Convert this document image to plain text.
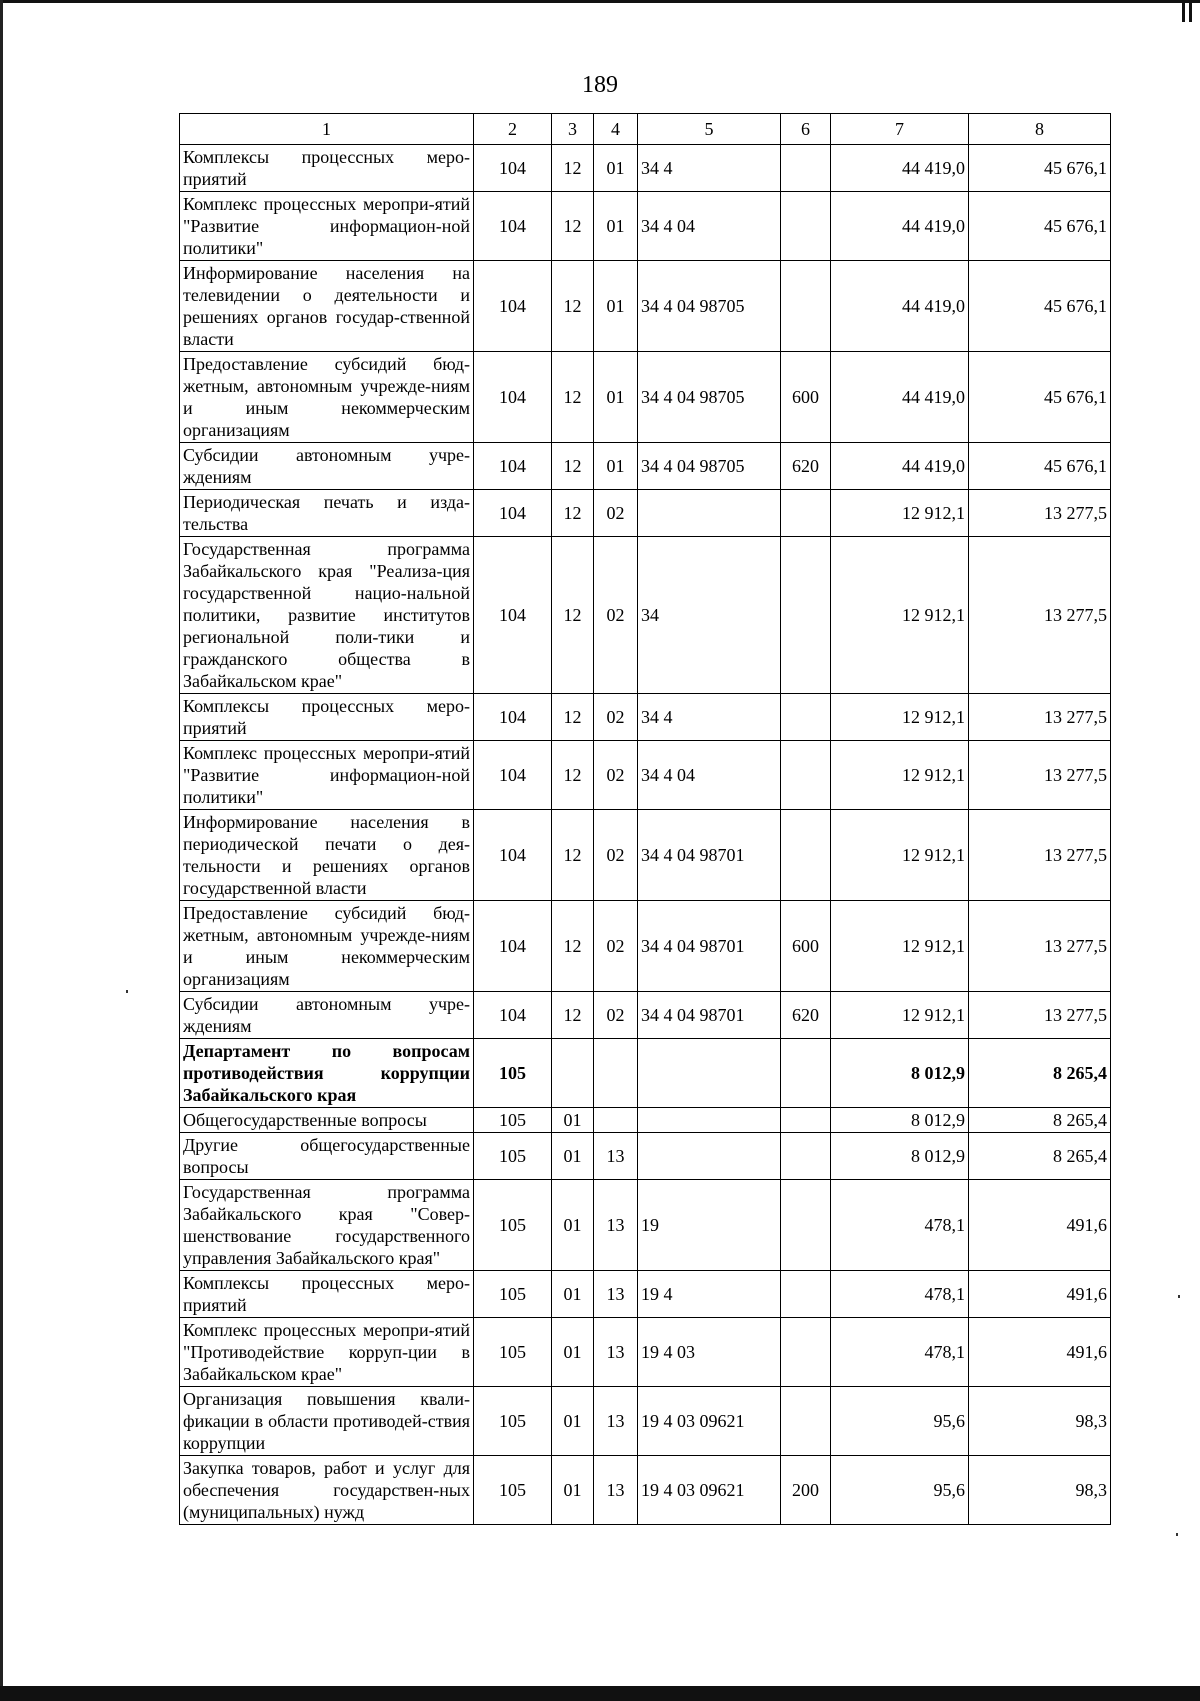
189
1	2	3	4	5	6	7	8
Комплексы процессных меро-приятий	104	12	01	34 4		44 419,0	45 676,1
Комплекс процессных меропри-ятий "Развитие информацион-ной политики"	104	12	01	34 4 04		44 419,0	45 676,1
Информирование населения на телевидении о деятельности и решениях органов государ-ственной власти	104	12	01	34 4 04 98705		44 419,0	45 676,1
Предоставление субсидий бюд-жетным, автономным учрежде-ниям и иным некоммерческим организациям	104	12	01	34 4 04 98705	600	44 419,0	45 676,1
Субсидии автономным учре-ждениям	104	12	01	34 4 04 98705	620	44 419,0	45 676,1
Периодическая печать и изда-тельства	104	12	02			12 912,1	13 277,5
Государственная программа Забайкальского края "Реализа-ция государственной нацио-нальной политики, развитие институтов региональной поли-тики и гражданского общества в Забайкальском крае"	104	12	02	34		12 912,1	13 277,5
Комплексы процессных меро-приятий	104	12	02	34 4		12 912,1	13 277,5
Комплекс процессных меропри-ятий "Развитие информацион-ной политики"	104	12	02	34 4 04		12 912,1	13 277,5
Информирование населения в периодической печати о дея-тельности и решениях органов государственной власти	104	12	02	34 4 04 98701		12 912,1	13 277,5
Предоставление субсидий бюд-жетным, автономным учрежде-ниям и иным некоммерческим организациям	104	12	02	34 4 04 98701	600	12 912,1	13 277,5
Субсидии автономным учре-ждениям	104	12	02	34 4 04 98701	620	12 912,1	13 277,5
Департамент по вопросам противодействия коррупции Забайкальского края	105					8 012,9	8 265,4
Общегосударственные вопросы	105	01				8 012,9	8 265,4
Другие общегосударственные вопросы	105	01	13			8 012,9	8 265,4
Государственная программа Забайкальского края "Совер-шенствование государственного управления Забайкальского края"	105	01	13	19		478,1	491,6
Комплексы процессных меро-приятий	105	01	13	19 4		478,1	491,6
Комплекс процессных меропри-ятий "Противодействие корруп-ции в Забайкальском крае"	105	01	13	19 4 03		478,1	491,6
Организация повышения квали-фикации в области противодей-ствия коррупции	105	01	13	19 4 03 09621		95,6	98,3
Закупка товаров, работ и услуг для обеспечения государствен-ных (муниципальных) нужд	105	01	13	19 4 03 09621	200	95,6	98,3
